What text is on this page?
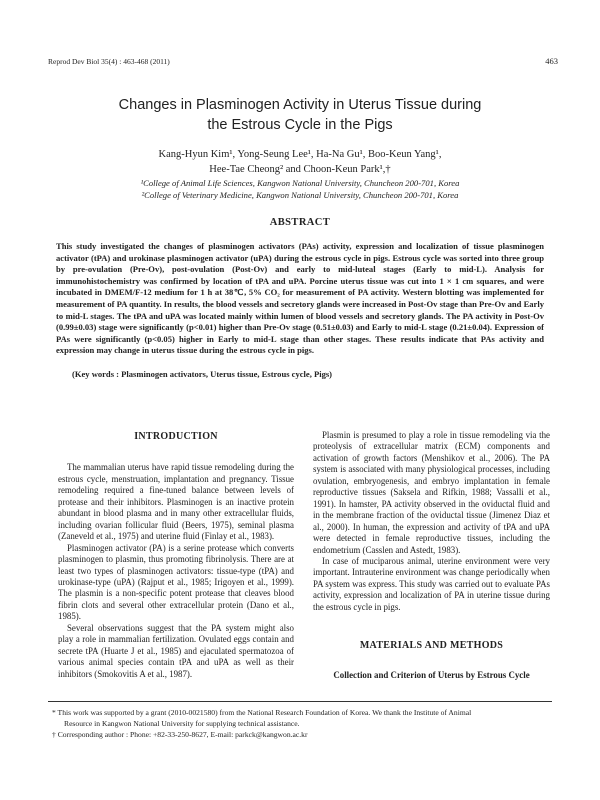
Reprod Dev Biol 35(4) : 463-468 (2011)	463
Changes in Plasminogen Activity in Uterus Tissue during
the Estrous Cycle in the Pigs
Kang-Hyun Kim¹, Yong-Seung Lee¹, Ha-Na Gu¹, Boo-Keun Yang¹,
Hee-Tae Cheong² and Choon-Keun Park¹,†
¹College of Animal Life Sciences, Kangwon National University, Chuncheon 200-701, Korea
²College of Veterinary Medicine, Kangwon National University, Chuncheon 200-701, Korea
ABSTRACT
This study investigated the changes of plasminogen activators (PAs) activity, expression and localization of tissue plasminogen activator (tPA) and urokinase plasminogen activator (uPA) during the estrous cycle in pigs. Estrous cycle was sorted into three group by pre-ovulation (Pre-Ov), post-ovulation (Post-Ov) and early to mid-luteal stages (Early to mid-L). Analysis for immunohistochemistry was confirmed by location of tPA and uPA. Porcine uterus tissue was cut into 1 × 1 cm squares, and were incubated in DMEM/F-12 medium for 1 h at 38℃, 5% CO₂ for measurement of PA activity. Western blotting was implemented for measurement of PA quantity. In results, the blood vessels and secretory glands were increased in Post-Ov stage than Pre-Ov and Early to mid-L stages. The tPA and uPA was located mainly within lumen of blood vessels and secretory glands. The PA activity in Post-Ov (0.99±0.03) stage were significantly (p<0.01) higher than Pre-Ov stage (0.51±0.03) and Early to mid-L stage (0.21±0.04). Expression of PAs were significantly (p<0.05) higher in Early to mid-L stage than other stages. These results indicate that PAs activity and expression may change in uterus tissue during the estrous cycle in pigs.
(Key words : Plasminogen activators, Uterus tissue, Estrous cycle, Pigs)

INTRODUCTION

The mammalian uterus have rapid tissue remodeling during the estrous cycle, menstruation, implantation and pregnancy. Tissue remodeling required a fine-tuned balance between levels of protease and their inhibitors. Plasminogen is an inactive protein abundant in blood plasma and in many other extracellular fluids, including ovarian follicular fluid (Beers, 1975), seminal plasma (Zaneveld et al., 1975) and uterine fluid (Finlay et al., 1983).

Plasminogen activator (PA) is a serine protease which converts plasminogen to plasmin, thus promoting fibrinolysis. There are at least two types of plasminogen activators: tissue-type (tPA) and urokinase-type (uPA) (Rajput et al., 1985; Irigoyen et al., 1999). The plasmin is a non-specific potent protease that cleaves blood fibrin clots and several other extracellular protein (Dano et al., 1985).

Several observations suggest that the PA system might also play a role in mammalian fertilization. Ovulated eggs contain and secrete tPA (Huarte J et al., 1985) and ejaculated spermatozoa of various animal species contain tPA and uPA as well as their inhibitors (Smokovitis A et al., 1987).

Plasmin is presumed to play a role in tissue remodeling via the proteolysis of extracellular matrix (ECM) components and activation of growth factors (Menshikov et al., 2006). The PA system is associated with many physiological processes, including ovulation, embryogenesis, and embryo implantation in female reproductive tissues (Saksela and Rifkin, 1988; Vassalli et al., 1991). In hamster, PA activity observed in the oviductal fluid and in the membrane fraction of the oviductal tissue (Jimenez Diaz et al., 2000). In human, the expression and activity of tPA and uPA were detected in female reproductive tissues, including the endometrium (Casslen and Astedt, 1983).

In case of muciparous animal, uterine environment were very important. Intrauterine environment was change periodically when PA system was express. This study was carried out to evaluate PAs activity, expression and localization of PA in uterine tissue during the estrous cycle in pigs.

MATERIALS AND METHODS

Collection and Criterion of Uterus by Estrous Cycle

* This work was supported by a grant (2010-0021580) from the National Research Foundation of Korea. We thank the Institute of Animal

Resource in Kangwon National University for supplying technical assistance.

† Corresponding author : Phone: +82-33-250-8627, E-mail: parkck@kangwon.ac.kr
